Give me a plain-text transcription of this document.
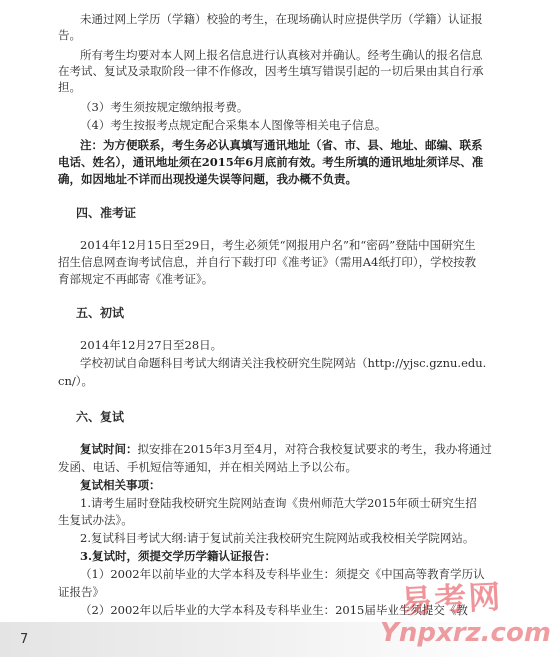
未通过网上学历（学籍）校验的考生，在现场确认时应提供学历（学籍）认证报
告。
所有考生均要对本人网上报名信息进行认真核对并确认。经考生确认的报名信息
在考试、复试及录取阶段一律不作修改，因考生填写错误引起的一切后果由其自行承
担。
（3）考生须按规定缴纳报考费。
（4）考生按报考点规定配合采集本人图像等相关电子信息。
注：为方便联系，考生务必认真填写通讯地址（省、市、县、地址、邮编、联系
电话、姓名），通讯地址须在2015年6月底前有效。考生所填的通讯地址须详尽、准
确，如因地址不详而出现投递失误等问题，我办概不负责。
四、准考证
2014年12月15日至29日，考生必须凭“网报用户名”和“密码”登陆中国研究生
招生信息网查询考试信息，并自行下载打印《准考证》（需用A4纸打印），学校按教
育部规定不再邮寄《准考证》。
五、初试
2014年12月27日至28日。
学校初试自命题科目考试大纲请关注我校研究生院网站（http://yjsc.gznu.edu.
cn/）。
六、复试
复试时间：拟安排在2015年3月至4月，对符合我校复试要求的考生，我办将通过
发函、电话、手机短信等通知，并在相关网站上予以公布。
复试相关事项：
1.请考生届时登陆我校研究生院网站查询《贵州师范大学2015年硕士研究生招
生复试办法》。
2.复试科目考试大纲:请于复试前关注我校研究生院网站或我校相关学院网站。
3.复试时，须提交学历学籍认证报告：
（1）2002年以前毕业的大学本科及专科毕业生：须提交《中国高等教育学历认
证报告》
（2）2002年以后毕业的大学本科及专科毕业生：2015届毕业生须提交《教
7
易考网
Ynpxrz.com
